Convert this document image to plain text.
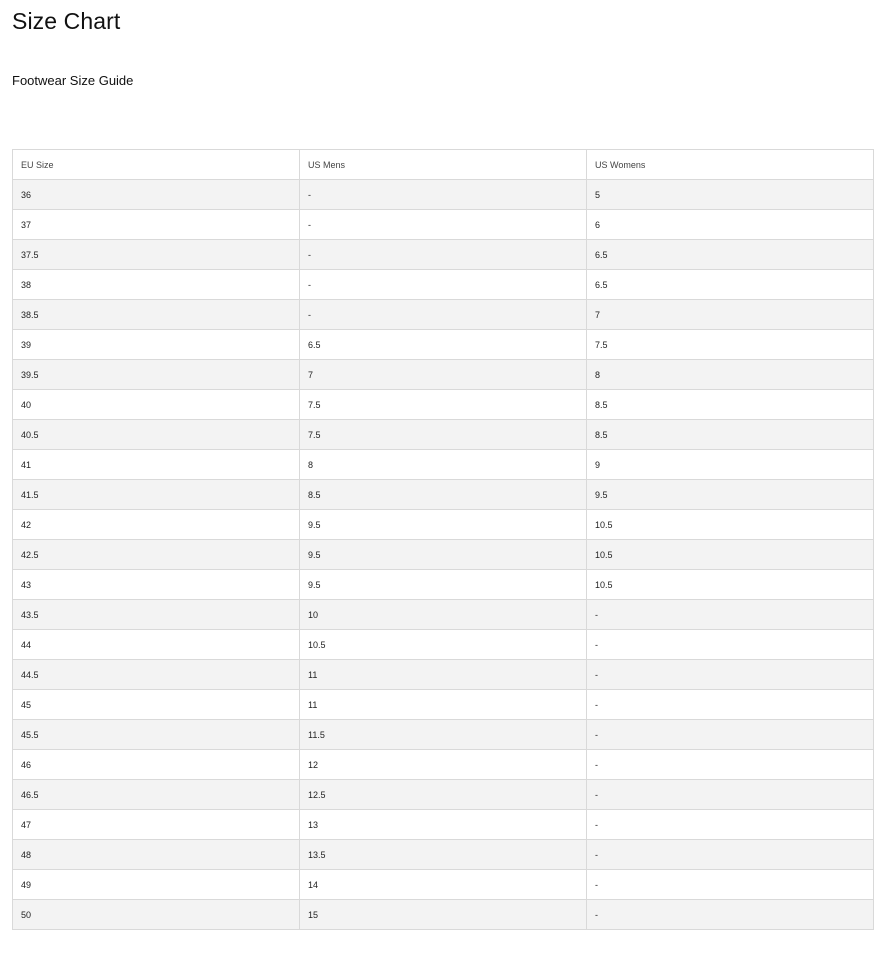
Size Chart
Footwear Size Guide
EU Size	US Mens	US Womens
36	-	5
37	-	6
37.5	-	6.5
38	-	6.5
38.5	-	7
39	6.5	7.5
39.5	7	8
40	7.5	8.5
40.5	7.5	8.5
41	8	9
41.5	8.5	9.5
42	9.5	10.5
42.5	9.5	10.5
43	9.5	10.5
43.5	10	-
44	10.5	-
44.5	11	-
45	11	-
45.5	11.5	-
46	12	-
46.5	12.5	-
47	13	-
48	13.5	-
49	14	-
50	15	-
